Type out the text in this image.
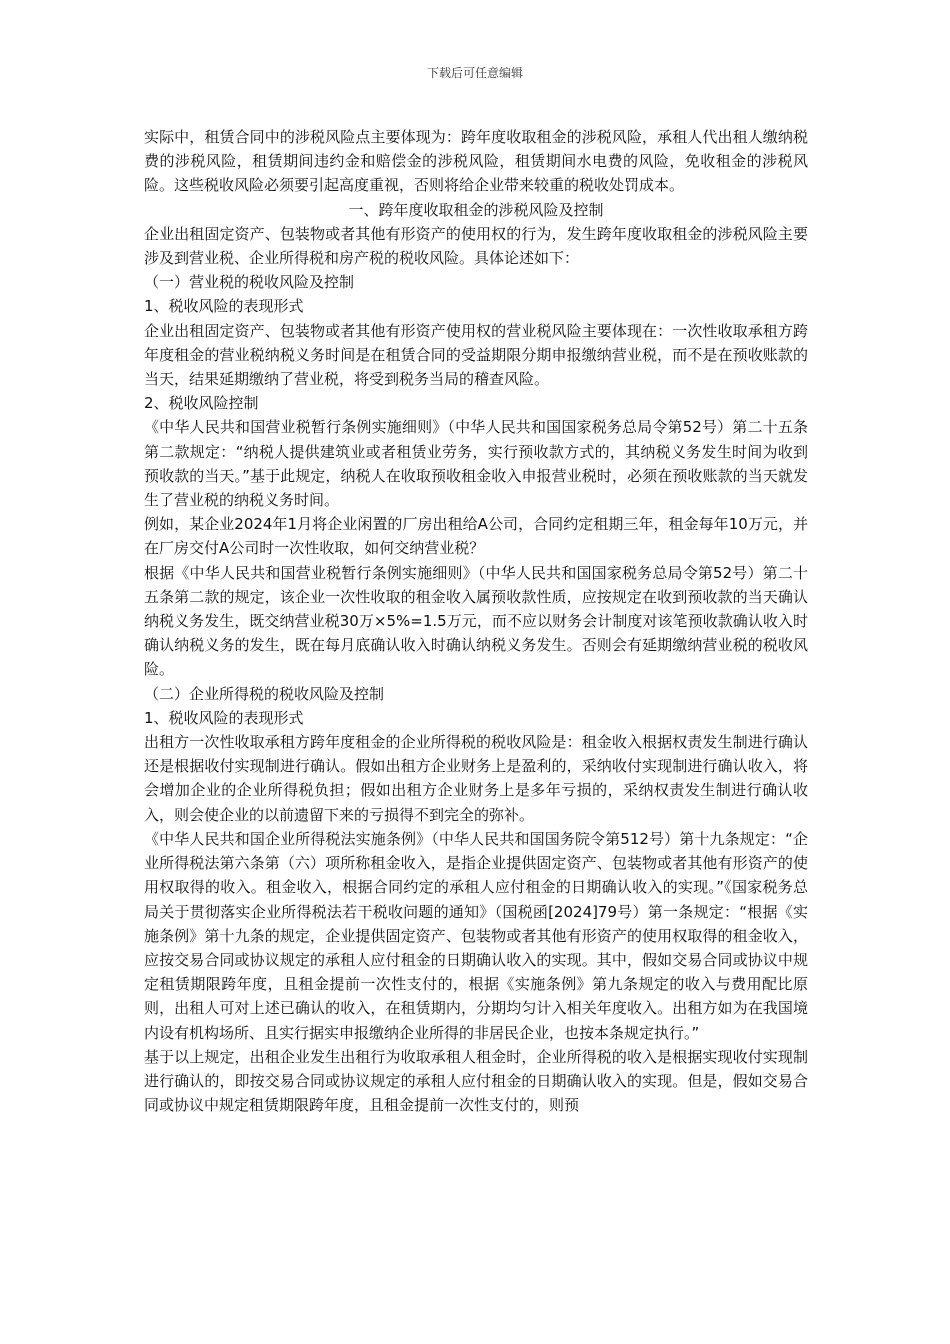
下载后可任意编辑

实际中，租赁合同中的涉税风险点主要体现为：跨年度收取租金的涉税风险，承租人代出租人缴纳税费的涉税风险，租赁期间违约金和赔偿金的涉税风险，租赁期间水电费的风险，免收租金的涉税风险。这些税收风险必须要引起高度重视，否则将给企业带来较重的税收处罚成本。

一、跨年度收取租金的涉税风险及控制

企业出租固定资产、包装物或者其他有形资产的使用权的行为，发生跨年度收取租金的涉税风险主要涉及到营业税、企业所得税和房产税的税收风险。具体论述如下：

（一）营业税的税收风险及控制

1、税收风险的表现形式

企业出租固定资产、包装物或者其他有形资产使用权的营业税风险主要体现在：一次性收取承租方跨年度租金的营业税纳税义务时间是在租赁合同的受益期限分期申报缴纳营业税，而不是在预收账款的当天，结果延期缴纳了营业税，将受到税务当局的稽查风险。

2、税收风险控制

《中华人民共和国营业税暂行条例实施细则》（中华人民共和国国家税务总局令第52号）第二十五条第二款规定：“纳税人提供建筑业或者租赁业劳务，实行预收款方式的，其纳税义务发生时间为收到预收款的当天。”基于此规定，纳税人在收取预收租金收入申报营业税时，必须在预收账款的当天就发生了营业税的纳税义务时间。

例如，某企业2024年1月将企业闲置的厂房出租给A公司，合同约定租期三年，租金每年10万元，并在厂房交付A公司时一次性收取，如何交纳营业税？

根据《中华人民共和国营业税暂行条例实施细则》（中华人民共和国国家税务总局令第52号）第二十五条第二款的规定，该企业一次性收取的租金收入属预收款性质，应按规定在收到预收款的当天确认纳税义务发生，既交纳营业税30万×5%=1.5万元，而不应以财务会计制度对该笔预收款确认收入时确认纳税义务的发生，既在每月底确认收入时确认纳税义务发生。否则会有延期缴纳营业税的税收风险。

（二）企业所得税的税收风险及控制

1、税收风险的表现形式

出租方一次性收取承租方跨年度租金的企业所得税的税收风险是：租金收入根据权责发生制进行确认还是根据收付实现制进行确认。假如出租方企业财务上是盈利的，采纳收付实现制进行确认收入，将会增加企业的企业所得税负担；假如出租方企业财务上是多年亏损的，采纳权责发生制进行确认收入，则会使企业的以前遗留下来的亏损得不到完全的弥补。

《中华人民共和国企业所得税法实施条例》（中华人民共和国国务院令第512号）第十九条规定：“企业所得税法第六条第（六）项所称租金收入，是指企业提供固定资产、包装物或者其他有形资产的使用权取得的收入。租金收入，根据合同约定的承租人应付租金的日期确认收入的实现。”《国家税务总局关于贯彻落实企业所得税法若干税收问题的通知》（国税函[2024]79号）第一条规定：“根据《实施条例》第十九条的规定，企业提供固定资产、包装物或者其他有形资产的使用权取得的租金收入，应按交易合同或协议规定的承租人应付租金的日期确认收入的实现。其中，假如交易合同或协议中规定租赁期限跨年度，且租金提前一次性支付的，根据《实施条例》第九条规定的收入与费用配比原则，出租人可对上述已确认的收入，在租赁期内，分期均匀计入相关年度收入。出租方如为在我国境内设有机构场所、且实行据实申报缴纳企业所得的非居民企业，也按本条规定执行。”

基于以上规定，出租企业发生出租行为收取承租人租金时，企业所得税的收入是根据实现收付实现制进行确认的，即按交易合同或协议规定的承租人应付租金的日期确认收入的实现。但是，假如交易合同或协议中规定租赁期限跨年度，且租金提前一次性支付的，则预
